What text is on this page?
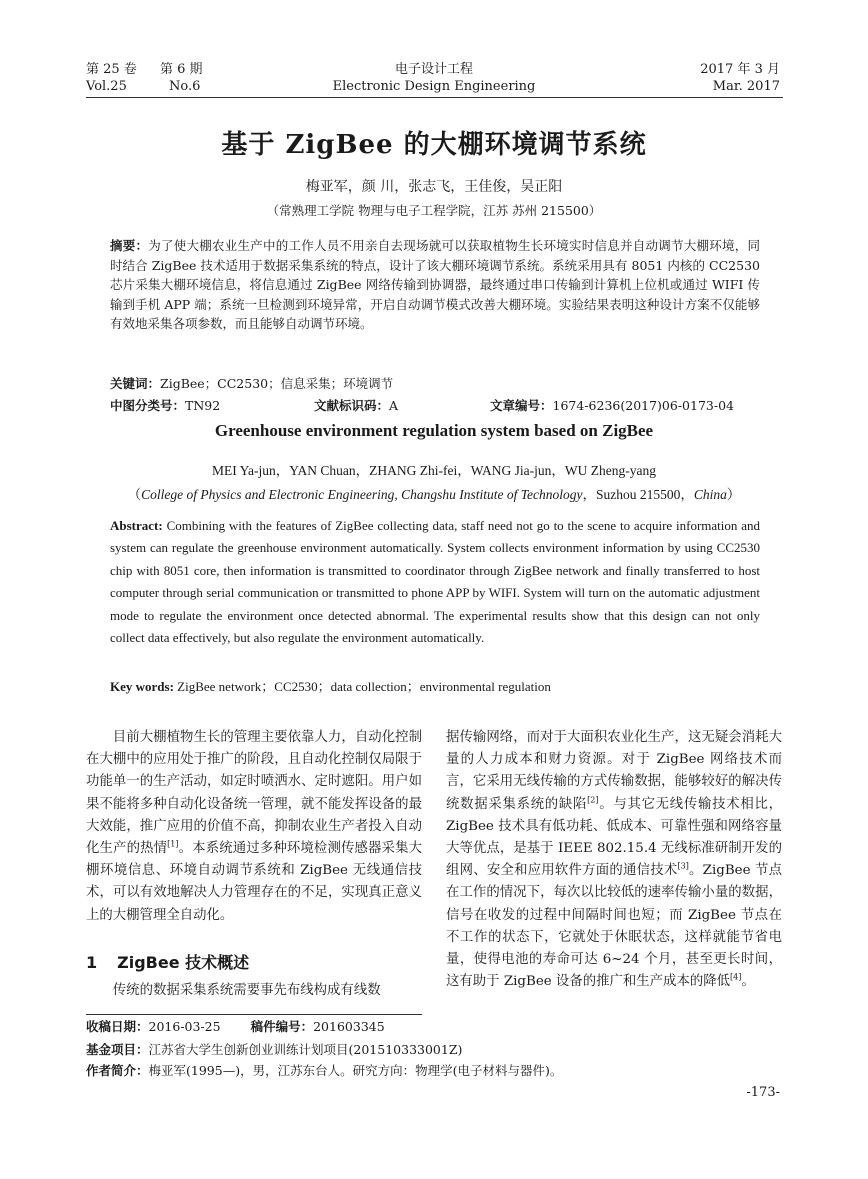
第 25 卷 第 6 期
Vol.25	No.6
电子设计工程
Electronic Design Engineering
2017 年 3 月
Mar. 2017
基于 ZigBee 的大棚环境调节系统
梅亚军，颜 川，张志飞，王佳俊，吴正阳
（常熟理工学院 物理与电子工程学院，江苏 苏州 215500）
摘要：为了使大棚农业生产中的工作人员不用亲自去现场就可以获取植物生长环境实时信息并自动调节大棚环境，同时结合 ZigBee 技术适用于数据采集系统的特点，设计了该大棚环境调节系统。系统采用具有 8051 内核的 CC2530 芯片采集大棚环境信息，将信息通过 ZigBee 网络传输到协调器，最终通过串口传输到计算机上位机或通过 WIFI 传输到手机 APP 端；系统一旦检测到环境异常，开启自动调节模式改善大棚环境。实验结果表明这种设计方案不仅能够有效地采集各项参数，而且能够自动调节环境。
关键词：ZigBee；CC2530；信息采集；环境调节
中图分类号：TN92	文献标识码：A	文章编号：1674-6236(2017)06-0173-04
Greenhouse environment regulation system based on ZigBee
MEI Ya-jun，YAN Chuan，ZHANG Zhi-fei，WANG Jia-jun，WU Zheng-yang
（College of Physics and Electronic Engineering, Changshu Institute of Technology，Suzhou 215500，China）
Abstract: Combining with the features of ZigBee collecting data, staff need not go to the scene to acquire information and system can regulate the greenhouse environment automatically. System collects environment information by using CC2530 chip with 8051 core, then information is transmitted to coordinator through ZigBee network and finally transferred to host computer through serial communication or transmitted to phone APP by WIFI. System will turn on the automatic adjustment mode to regulate the environment once detected abnormal. The experimental results show that this design can not only collect data effectively, but also regulate the environment automatically.
Key words: ZigBee network；CC2530；data collection；environmental regulation

目前大棚植物生长的管理主要依靠人力，自动化控制在大棚中的应用处于推广的阶段，且自动化控制仅局限于功能单一的生产活动，如定时喷洒水、定时遮阳。用户如果不能将多种自动化设备统一管理，就不能发挥设备的最大效能，推广应用的价值不高，抑制农业生产者投入自动化生产的热情[1]。本系统通过多种环境检测传感器采集大棚环境信息、环境自动调节系统和 ZigBee 无线通信技术，可以有效地解决人力管理存在的不足，实现真正意义上的大棚管理全自动化。

1 ZigBee 技术概述

传统的数据采集系统需要事先布线构成有线数

据传输网络，而对于大面积农业化生产，这无疑会消耗大量的人力成本和财力资源。对于 ZigBee 网络技术而言，它采用无线传输的方式传输数据，能够较好的解决传统数据采集系统的缺陷[2]。与其它无线传输技术相比，ZigBee 技术具有低功耗、低成本、可靠性强和网络容量大等优点，是基于 IEEE 802.15.4 无线标准研制开发的组网、安全和应用软件方面的通信技术[3]。ZigBee 节点在工作的情况下，每次以比较低的速率传输小量的数据， 信号在收发的过程中间隔时间也短；而 ZigBee 节点在不工作的状态下，它就处于休眠状态，这样就能节省电量，使得电池的寿命可达 6~24 个月，甚至更长时间，这有助于 ZigBee 设备的推广和生产成本的降低[4]。

收稿日期：2016-03-25 稿件编号：201603345
基金项目：江苏省大学生创新创业训练计划项目(201510333001Z)
作者简介：梅亚军(1995—)，男，江苏东台人。研究方向：物理学(电子材料与器件)。
-173-
